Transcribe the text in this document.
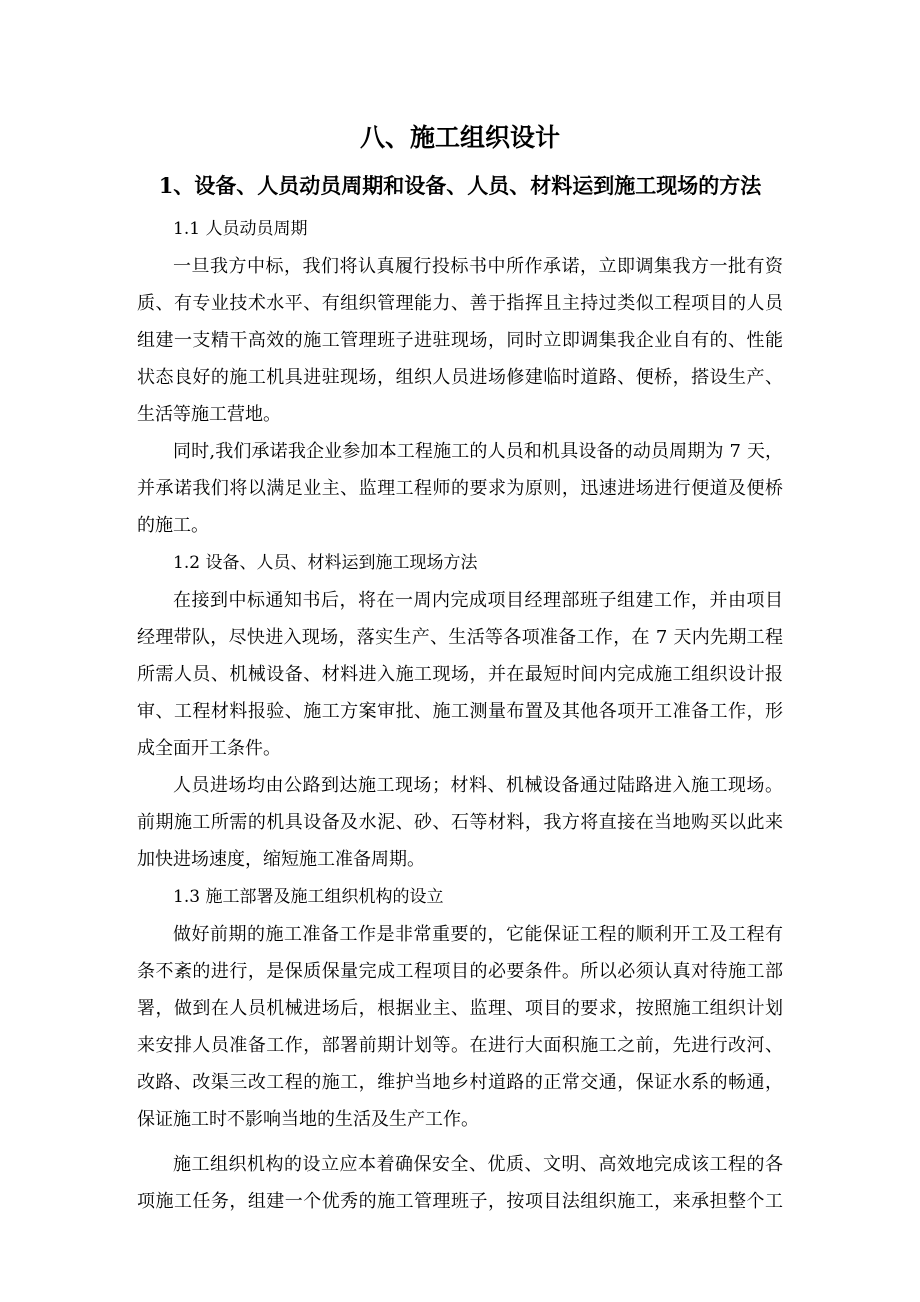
八、施工组织设计
1、设备、人员动员周期和设备、人员、材料运到施工现场的方法

1.1 人员动员周期

一旦我方中标，我们将认真履行投标书中所作承诺，立即调集我方一批有资
质、有专业技术水平、有组织管理能力、善于指挥且主持过类似工程项目的人员
组建一支精干高效的施工管理班子进驻现场，同时立即调集我企业自有的、性能
状态良好的施工机具进驻现场，组织人员进场修建临时道路、便桥，搭设生产、
生活等施工营地。

同时,我们承诺我企业参加本工程施工的人员和机具设备的动员周期为 7 天，
并承诺我们将以满足业主、监理工程师的要求为原则，迅速进场进行便道及便桥
的施工。

1.2 设备、人员、材料运到施工现场方法

在接到中标通知书后，将在一周内完成项目经理部班子组建工作，并由项目
经理带队，尽快进入现场，落实生产、生活等各项准备工作，在 7 天内先期工程
所需人员、机械设备、材料进入施工现场，并在最短时间内完成施工组织设计报
审、工程材料报验、施工方案审批、施工测量布置及其他各项开工准备工作，形
成全面开工条件。

人员进场均由公路到达施工现场；材料、机械设备通过陆路进入施工现场。
前期施工所需的机具设备及水泥、砂、石等材料，我方将直接在当地购买以此来
加快进场速度，缩短施工准备周期。

1.3 施工部署及施工组织机构的设立

做好前期的施工准备工作是非常重要的，它能保证工程的顺利开工及工程有
条不紊的进行，是保质保量完成工程项目的必要条件。所以必须认真对待施工部
署，做到在人员机械进场后，根据业主、监理、项目的要求，按照施工组织计划
来安排人员准备工作，部署前期计划等。在进行大面积施工之前，先进行改河、
改路、改渠三改工程的施工，维护当地乡村道路的正常交通，保证水系的畅通，
保证施工时不影响当地的生活及生产工作。

施工组织机构的设立应本着确保安全、优质、文明、高效地完成该工程的各
项施工任务，组建一个优秀的施工管理班子，按项目法组织施工，来承担整个工
